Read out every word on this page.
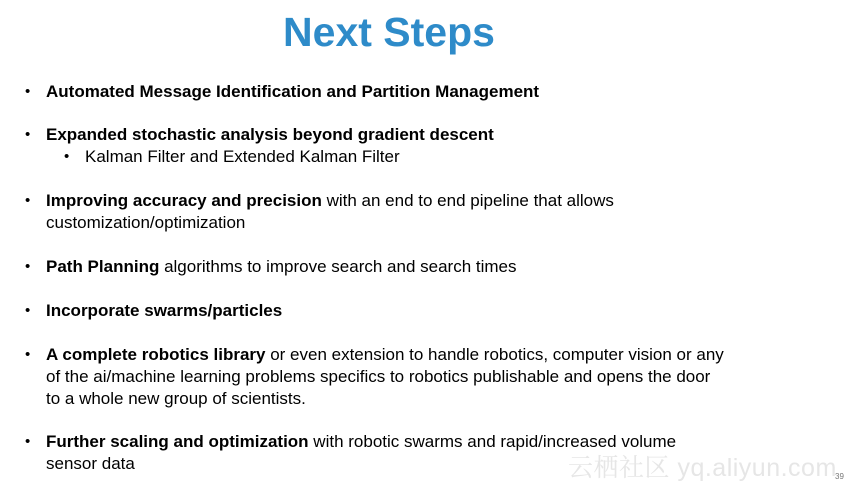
Next Steps
• Automated Message Identification and Partition Management
• Expanded stochastic analysis beyond gradient descent
• Kalman Filter and Extended Kalman Filter
• Improving accuracy and precision with an end to end pipeline that allows customization/optimization
• Path Planning algorithms to improve search and search times
• Incorporate swarms/particles
• A complete robotics library or even extension to handle robotics, computer vision or any of the ai/machine learning problems specifics to robotics publishable and opens the door to a whole new group of scientists.
• Further scaling and optimization with robotic swarms and rapid/increased volume sensor data	云栖社区 yq.aliyun.com
39
